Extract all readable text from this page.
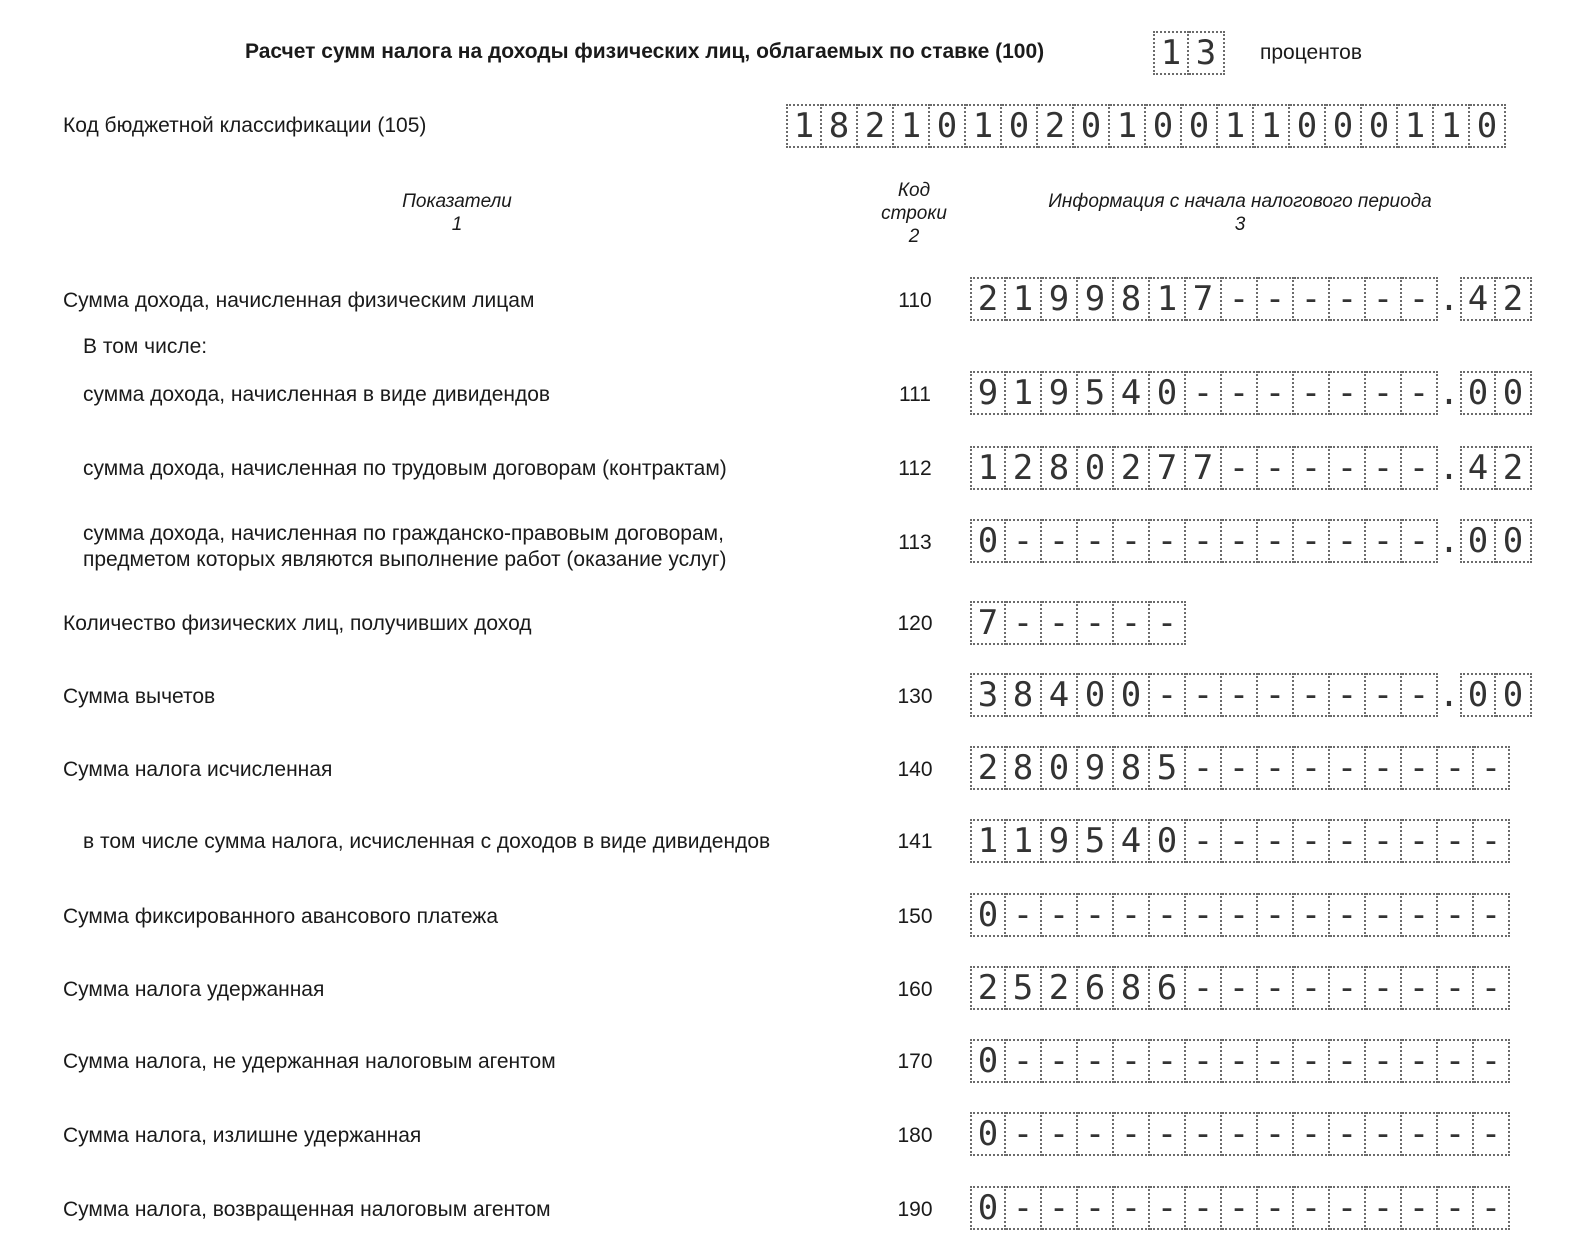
Расчет сумм налога на доходы физических лиц, облагаемых по ставке (100)	1 3	процентов
Код бюджетной классификации (105)	1 8 2 1 0 1 0 2 0 1 0 0 1 1 0 0 0 1 1 0
Показатели
1
Код
строки
2
Информация с начала налогового периода
3
Сумма дохода, начисленная физическим лицам	110	2 1 9 9 8 1 7 - - - - - - . 4 2
В том числе:
сумма дохода, начисленная в виде дивидендов	111	9 1 9 5 4 0 - - - - - - - . 0 0
сумма дохода, начисленная по трудовым договорам (контрактам)	112	1 2 8 0 2 7 7 - - - - - - . 4 2
сумма дохода, начисленная по гражданско-правовым договорам,
предметом которых являются выполнение работ (оказание услуг)
113	0 - - - - - - - - - - - - . 0 0
Количество физических лиц, получивших доход	120	7 - - - - -
Сумма вычетов	130	3 8 4 0 0 - - - - - - - - . 0 0
Сумма налога исчисленная	140	2 8 0 9 8 5 - - - - - - - - -
в том числе сумма налога, исчисленная с доходов в виде дивидендов	141	1 1 9 5 4 0 - - - - - - - - -
Сумма фиксированного авансового платежа	150	0 - - - - - - - - - - - - - -
Сумма налога удержанная	160	2 5 2 6 8 6 - - - - - - - - -
Сумма налога, не удержанная налоговым агентом	170	0 - - - - - - - - - - - - - -
Сумма налога, излишне удержанная	180	0 - - - - - - - - - - - - - -
Сумма налога, возвращенная налоговым агентом	190	0 - - - - - - - - - - - - - -
